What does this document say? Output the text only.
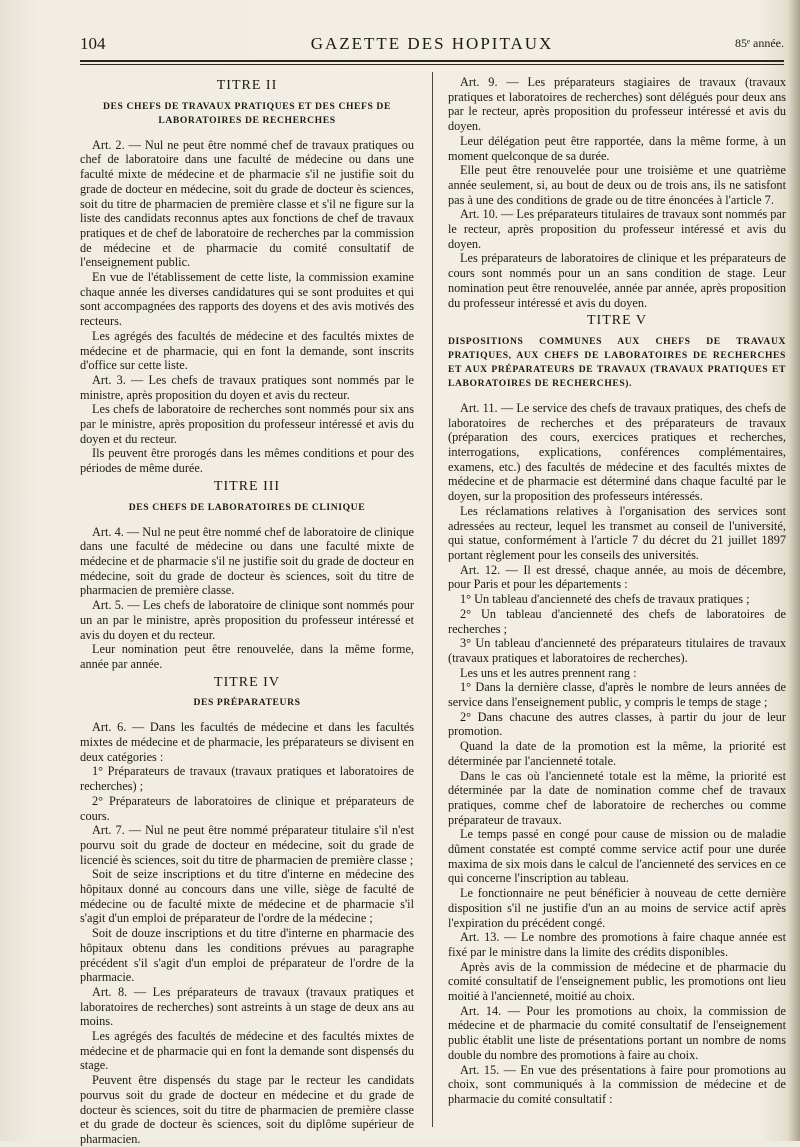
104	GAZETTE DES HOPITAUX	85ᵉ année.
TITRE II
DES CHEFS DE TRAVAUX PRATIQUES ET DES CHEFS DE LABORATOIRES DE RECHERCHES

Art. 2. — Nul ne peut être nommé chef de travaux pratiques ou chef de laboratoire dans une faculté de médecine ou dans une faculté mixte de médecine et de pharmacie s'il ne justifie soit du grade de docteur en médecine, soit du grade de docteur ès sciences, soit du titre de pharmacien de première classe et s'il ne figure sur la liste des candidats reconnus aptes aux fonctions de chef de travaux pratiques et de chef de laboratoire de recherches par la commission de médecine et de pharmacie du comité consultatif de l'enseignement public.

En vue de l'établissement de cette liste, la commission examine chaque année les diverses candidatures qui se sont produites et qui sont accompagnées des rapports des doyens et des avis motivés des recteurs.

Les agrégés des facultés de médecine et des facultés mixtes de médecine et de pharmacie, qui en font la demande, sont inscrits d'office sur cette liste.

Art. 3. — Les chefs de travaux pratiques sont nommés par le ministre, après proposition du doyen et avis du recteur.

Les chefs de laboratoire de recherches sont nommés pour six ans par le ministre, après proposition du professeur intéressé et avis du doyen et du recteur.

Ils peuvent être prorogés dans les mêmes conditions et pour des périodes de même durée.

TITRE III
DES CHEFS DE LABORATOIRES DE CLINIQUE

Art. 4. — Nul ne peut être nommé chef de laboratoire de clinique dans une faculté de médecine ou dans une faculté mixte de médecine et de pharmacie s'il ne justifie soit du grade de docteur en médecine, soit du grade de docteur ès sciences, soit du titre de pharmacien de première classe.

Art. 5. — Les chefs de laboratoire de clinique sont nommés pour un an par le ministre, après proposition du professeur intéressé et avis du doyen et du recteur.

Leur nomination peut être renouvelée, dans la même forme, année par année.

TITRE IV
DES PRÉPARATEURS

Art. 6. — Dans les facultés de médecine et dans les facultés mixtes de médecine et de pharmacie, les préparateurs se divisent en deux catégories :

1° Préparateurs de travaux (travaux pratiques et laboratoires de recherches) ;

2° Préparateurs de laboratoires de clinique et préparateurs de cours.

Art. 7. — Nul ne peut être nommé préparateur titulaire s'il n'est pourvu soit du grade de docteur en médecine, soit du grade de licencié ès sciences, soit du titre de pharmacien de première classe ;

Soit de seize inscriptions et du titre d'interne en médecine des hôpitaux donné au concours dans une ville, siège de faculté de médecine ou de faculté mixte de médecine et de pharmacie s'il s'agit d'un emploi de préparateur de l'ordre de la médecine ;

Soit de douze inscriptions et du titre d'interne en pharmacie des hôpitaux obtenu dans les conditions prévues au paragraphe précédent s'il s'agit d'un emploi de préparateur de l'ordre de la pharmacie.

Art. 8. — Les préparateurs de travaux (travaux pratiques et laboratoires de recherches) sont astreints à un stage de deux ans au moins.

Les agrégés des facultés de médecine et des facultés mixtes de médecine et de pharmacie qui en font la demande sont dispensés du stage.

Peuvent être dispensés du stage par le recteur les candidats pourvus soit du grade de docteur en médecine et du grade de docteur ès sciences, soit du titre de pharmacien de première classe et du grade de docteur ès sciences, soit du diplôme supérieur de pharmacien.

Art. 9. — Les préparateurs stagiaires de travaux (travaux pratiques et laboratoires de recherches) sont délégués pour deux ans par le recteur, après proposition du professeur intéressé et avis du doyen.

Leur délégation peut être rapportée, dans la même forme, à un moment quelconque de sa durée.

Elle peut être renouvelée pour une troisième et une quatrième année seulement, si, au bout de deux ou de trois ans, ils ne satisfont pas à une des conditions de grade ou de titre énoncées à l'article 7.

Art. 10. — Les préparateurs titulaires de travaux sont nommés par le recteur, après proposition du professeur intéressé et avis du doyen.

Les préparateurs de laboratoires de clinique et les préparateurs de cours sont nommés pour un an sans condition de stage. Leur nomination peut être renouvelée, année par année, après proposition du professeur intéressé et avis du doyen.

TITRE V
DISPOSITIONS COMMUNES AUX CHEFS DE TRAVAUX PRATIQUES, AUX CHEFS DE LABORATOIRES DE RECHERCHES ET AUX PRÉPARATEURS DE TRAVAUX (TRAVAUX PRATIQUES ET LABORATOIRES DE RECHERCHES).

Art. 11. — Le service des chefs de travaux pratiques, des chefs de laboratoires de recherches et des préparateurs de travaux (préparation des cours, exercices pratiques et recherches, interrogations, explications, conférences complémentaires, examens, etc.) des facultés de médecine et des facultés mixtes de médecine et de pharmacie est déterminé dans chaque faculté par le doyen, sur la proposition des professeurs intéressés.

Les réclamations relatives à l'organisation des services sont adressées au recteur, lequel les transmet au conseil de l'université, qui statue, conformément à l'article 7 du décret du 21 juillet 1897 portant règlement pour les conseils des universités.

Art. 12. — Il est dressé, chaque année, au mois de décembre, pour Paris et pour les départements :

1° Un tableau d'ancienneté des chefs de travaux pratiques ;

2° Un tableau d'ancienneté des chefs de laboratoires de recherches ;

3° Un tableau d'ancienneté des préparateurs titulaires de travaux (travaux pratiques et laboratoires de recherches).

Les uns et les autres prennent rang :

1° Dans la dernière classe, d'après le nombre de leurs années de service dans l'enseignement public, y compris le temps de stage ;

2° Dans chacune des autres classes, à partir du jour de leur promotion.

Quand la date de la promotion est la même, la priorité est déterminée par l'ancienneté totale.

Dans le cas où l'ancienneté totale est la même, la priorité est déterminée par la date de nomination comme chef de travaux pratiques, comme chef de laboratoire de recherches ou comme préparateur de travaux.

Le temps passé en congé pour cause de mission ou de maladie dûment constatée est compté comme service actif pour une durée maxima de six mois dans le calcul de l'ancienneté des services en ce qui concerne l'inscription au tableau.

Le fonctionnaire ne peut bénéficier à nouveau de cette dernière disposition s'il ne justifie d'un an au moins de service actif après l'expiration du précédent congé.

Art. 13. — Le nombre des promotions à faire chaque année est fixé par le ministre dans la limite des crédits disponibles.

Après avis de la commission de médecine et de pharmacie du comité consultatif de l'enseignement public, les promotions ont lieu moitié à l'ancienneté, moitié au choix.

Art. 14. — Pour les promotions au choix, la commission de médecine et de pharmacie du comité consultatif de l'enseignement public établit une liste de présentations portant un nombre de noms double du nombre des promotions à faire au choix.

Art. 15. — En vue des présentations à faire pour promotions au choix, sont communiqués à la commission de médecine et de pharmacie du comité consultatif :
